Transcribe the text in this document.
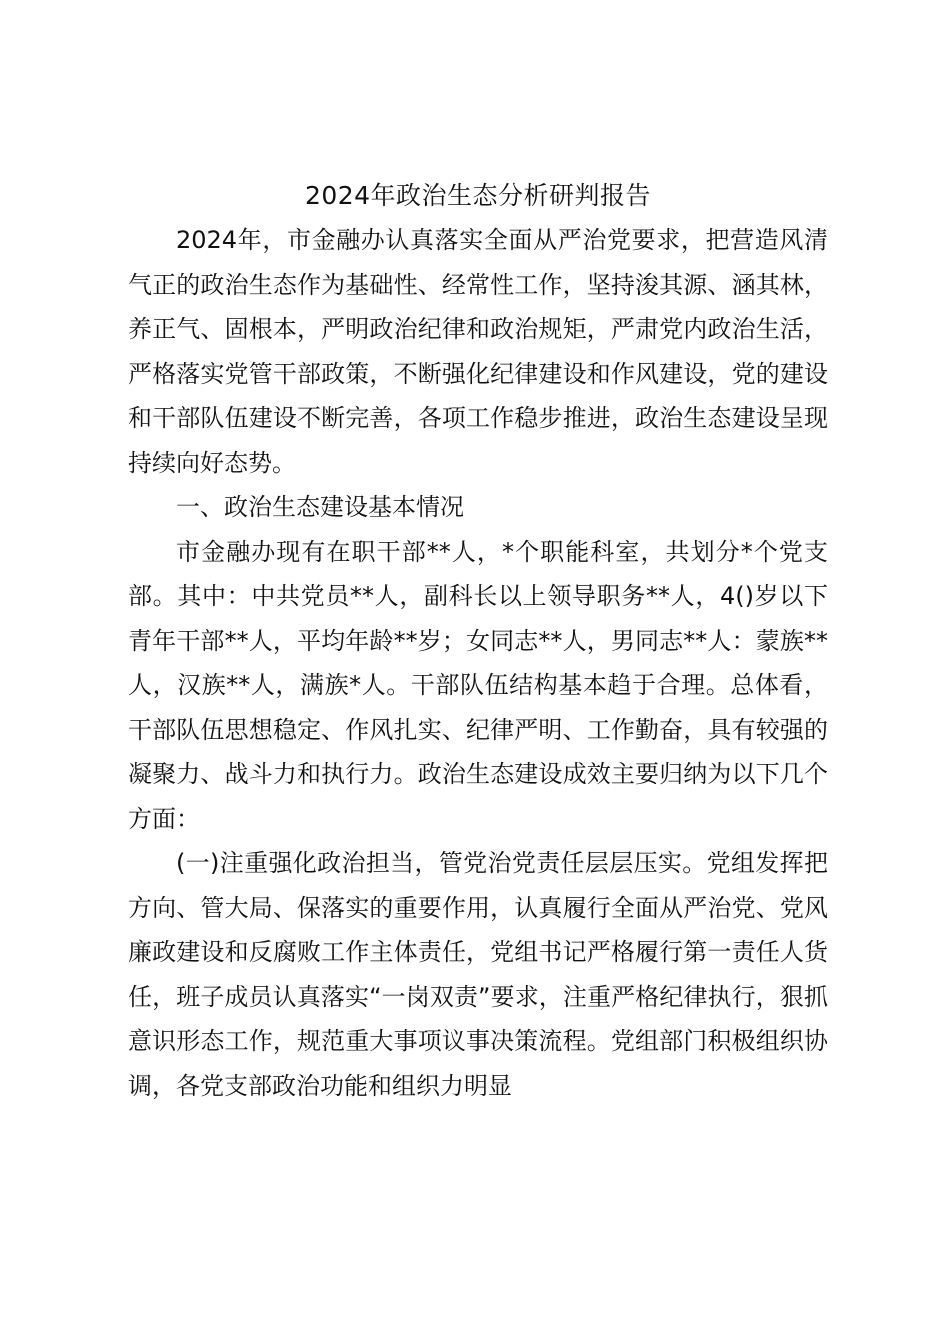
2024年政治生态分析研判报告

2024年，市金融办认真落实全面从严治党要求，把营造风清气正的政治生态作为基础性、经常性工作，坚持浚其源、涵其林，养正气、固根本，严明政治纪律和政治规矩，严肃党内政治生活，严格落实党管干部政策，不断强化纪律建设和作风建设，党的建设和干部队伍建设不断完善，各项工作稳步推进，政治生态建设呈现持续向好态势。

一、政治生态建设基本情况

市金融办现有在职干部**人，*个职能科室，共划分*个党支部。其中：中共党员**人，副科长以上领导职务**人，4()岁以下青年干部**人，平均年龄**岁；女同志**人，男同志**人：蒙族**人，汉族**人，满族*人。干部队伍结构基本趋于合理。总体看，干部队伍思想稳定、作风扎实、纪律严明、工作勤奋，具有较强的凝聚力、战斗力和执行力。政治生态建设成效主要归纳为以下几个方面：

(一)注重强化政治担当，管党治党责任层层压实。党组发挥把方向、管大局、保落实的重要作用，认真履行全面从严治党、党风廉政建设和反腐败工作主体责任，党组书记严格履行第一责任人货任，班子成员认真落实“一岗双责”要求，注重严格纪律执行，狠抓意识形态工作，规范重大事项议事决策流程。党组部门积极组织协调，各党支部政治功能和组织力明显
